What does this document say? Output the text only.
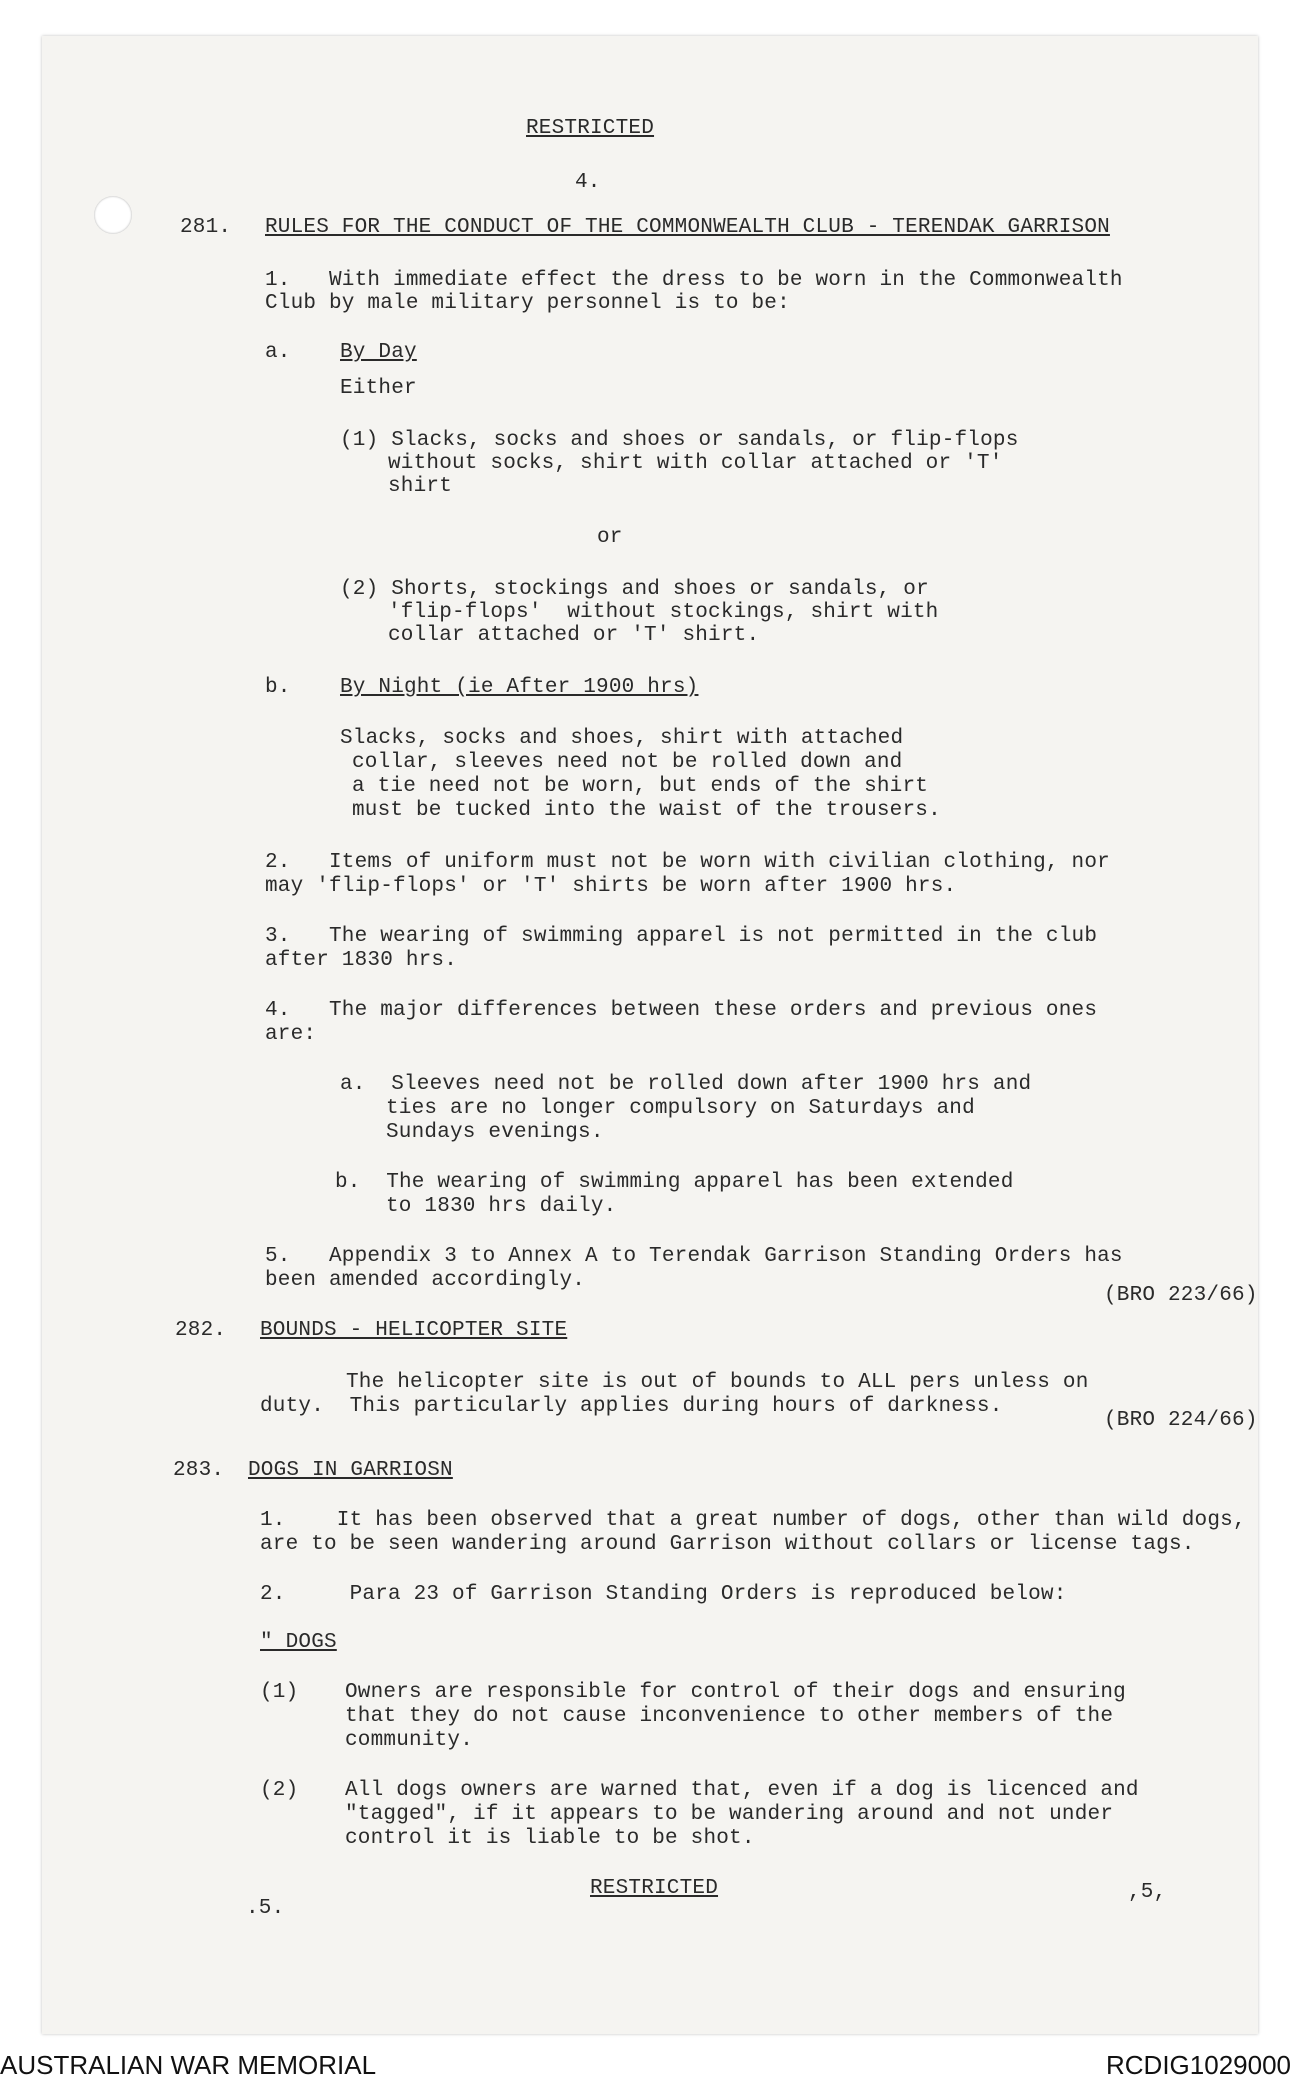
RESTRICTED
4.
281. RULES FOR THE CONDUCT OF THE COMMONWEALTH CLUB - TERENDAK GARRISON
1.   With immediate effect the dress to be worn in the Commonwealth
Club by male military personnel is to be:
a. By Day
Either
(1) Slacks, socks and shoes or sandals, or flip-flops
without socks, shirt with collar attached or 'T'
shirt
or
(2) Shorts, stockings and shoes or sandals, or
'flip-flops'  without stockings, shirt with
collar attached or 'T' shirt.
b. By Night (ie After 1900 hrs)
Slacks, socks and shoes, shirt with attached
collar, sleeves need not be rolled down and
a tie need not be worn, but ends of the shirt
must be tucked into the waist of the trousers.
2.   Items of uniform must not be worn with civilian clothing, nor
may 'flip-flops' or 'T' shirts be worn after 1900 hrs.
3.   The wearing of swimming apparel is not permitted in the club
after 1830 hrs.
4.   The major differences between these orders and previous ones
are:
a.  Sleeves need not be rolled down after 1900 hrs and
ties are no longer compulsory on Saturdays and
Sundays evenings.
b.  The wearing of swimming apparel has been extended
to 1830 hrs daily.
5.   Appendix 3 to Annex A to Terendak Garrison Standing Orders has
been amended accordingly.
(BRO 223/66)
282. BOUNDS - HELICOPTER SITE
The helicopter site is out of bounds to ALL pers unless on
duty.  This particularly applies during hours of darkness.
(BRO 224/66)
283. DOGS IN GARRIOSN
1.    It has been observed that a great number of dogs, other than wild dogs,
are to be seen wandering around Garrison without collars or license tags.
2.     Para 23 of Garrison Standing Orders is reproduced below:
" DOGS
(1) Owners are responsible for control of their dogs and ensuring
that they do not cause inconvenience to other members of the
community.
(2) All dogs owners are warned that, even if a dog is licenced and
"tagged", if it appears to be wandering around and not under
control it is liable to be shot.
RESTRICTED	,5,
.5.
AUSTRALIAN WAR MEMORIAL	RCDIG1029000
